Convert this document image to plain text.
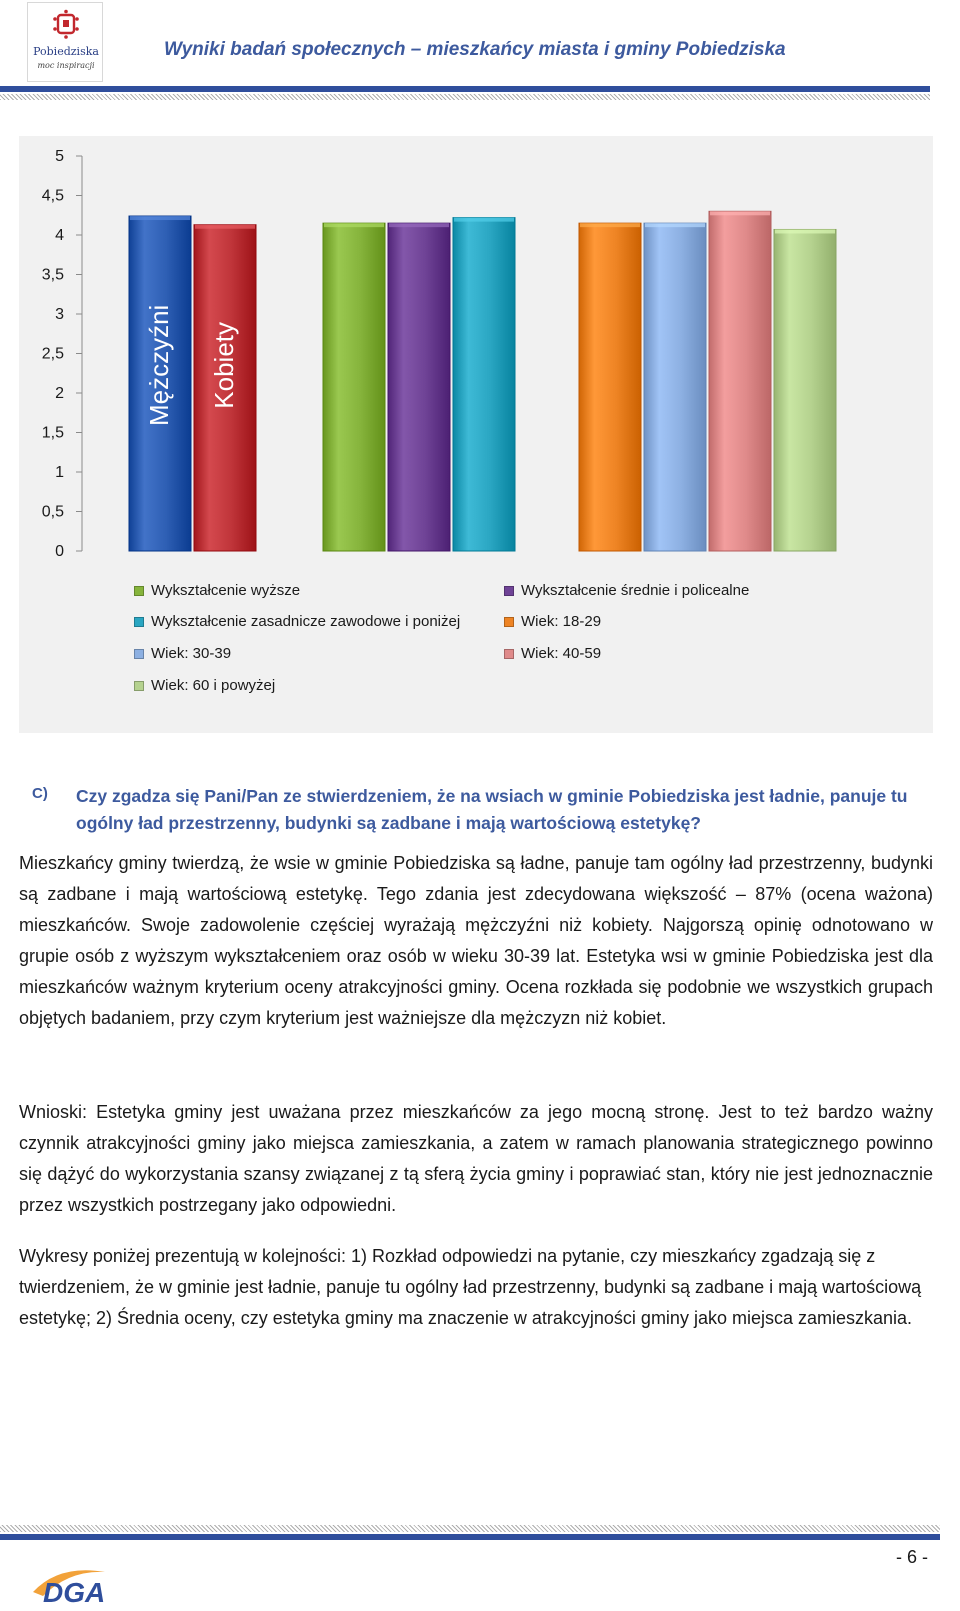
Pobiedziska
moc inspiracji
Wyniki badań społecznych – mieszkańcy miasta i gminy Pobiedziska
0
0,5
1
1,5
2
2,5
3
3,5
4
4,5
5
Mężczyźni Kobiety
Wykształcenie wyższe	Wykształcenie średnie i policealne
Wykształcenie zasadnicze zawodowe i poniżej	Wiek: 18-29
Wiek: 30-39	Wiek: 40-59
Wiek: 60 i powyżej
C) Czy zgadza się Pani/Pan ze stwierdzeniem, że na wsiach w gminie Pobiedziska jest ładnie, panuje tu ogólny ład przestrzenny, budynki są zadbane i mają wartościową estetykę?
Mieszkańcy gminy twierdzą, że wsie w gminie Pobiedziska są ładne, panuje tam ogólny ład przestrzenny, budynki są zadbane i mają wartościową estetykę. Tego zdania jest zdecydowana większość – 87% (ocena ważona) mieszkańców. Swoje zadowolenie częściej wyrażają mężczyźni niż kobiety. Najgorszą opinię odnotowano w grupie osób z wyższym wykształceniem oraz osób w wieku 30-39 lat. Estetyka wsi w gminie Pobiedziska jest dla mieszkańców ważnym kryterium oceny atrakcyjności gminy. Ocena rozkłada się podobnie we wszystkich grupach objętych badaniem, przy czym kryterium jest ważniejsze dla mężczyzn niż kobiet.
Wnioski: Estetyka gminy jest uważana przez mieszkańców za jego mocną stronę. Jest to też bardzo ważny czynnik atrakcyjności gminy jako miejsca zamieszkania, a zatem w ramach planowania strategicznego powinno się dążyć do wykorzystania szansy związanej z tą sferą życia gminy i poprawiać stan, który nie jest jednoznacznie przez wszystkich postrzegany jako odpowiedni.
Wykresy poniżej prezentują w kolejności: 1) Rozkład odpowiedzi na pytanie, czy mieszkańcy zgadzają się z twierdzeniem, że w gminie jest ładnie, panuje tu ogólny ład przestrzenny, budynki są zadbane i mają wartościową estetykę; 2) Średnia oceny, czy estetyka gminy ma znaczenie w atrakcyjności gminy jako miejsca zamieszkania.
- 6 -
DGA
